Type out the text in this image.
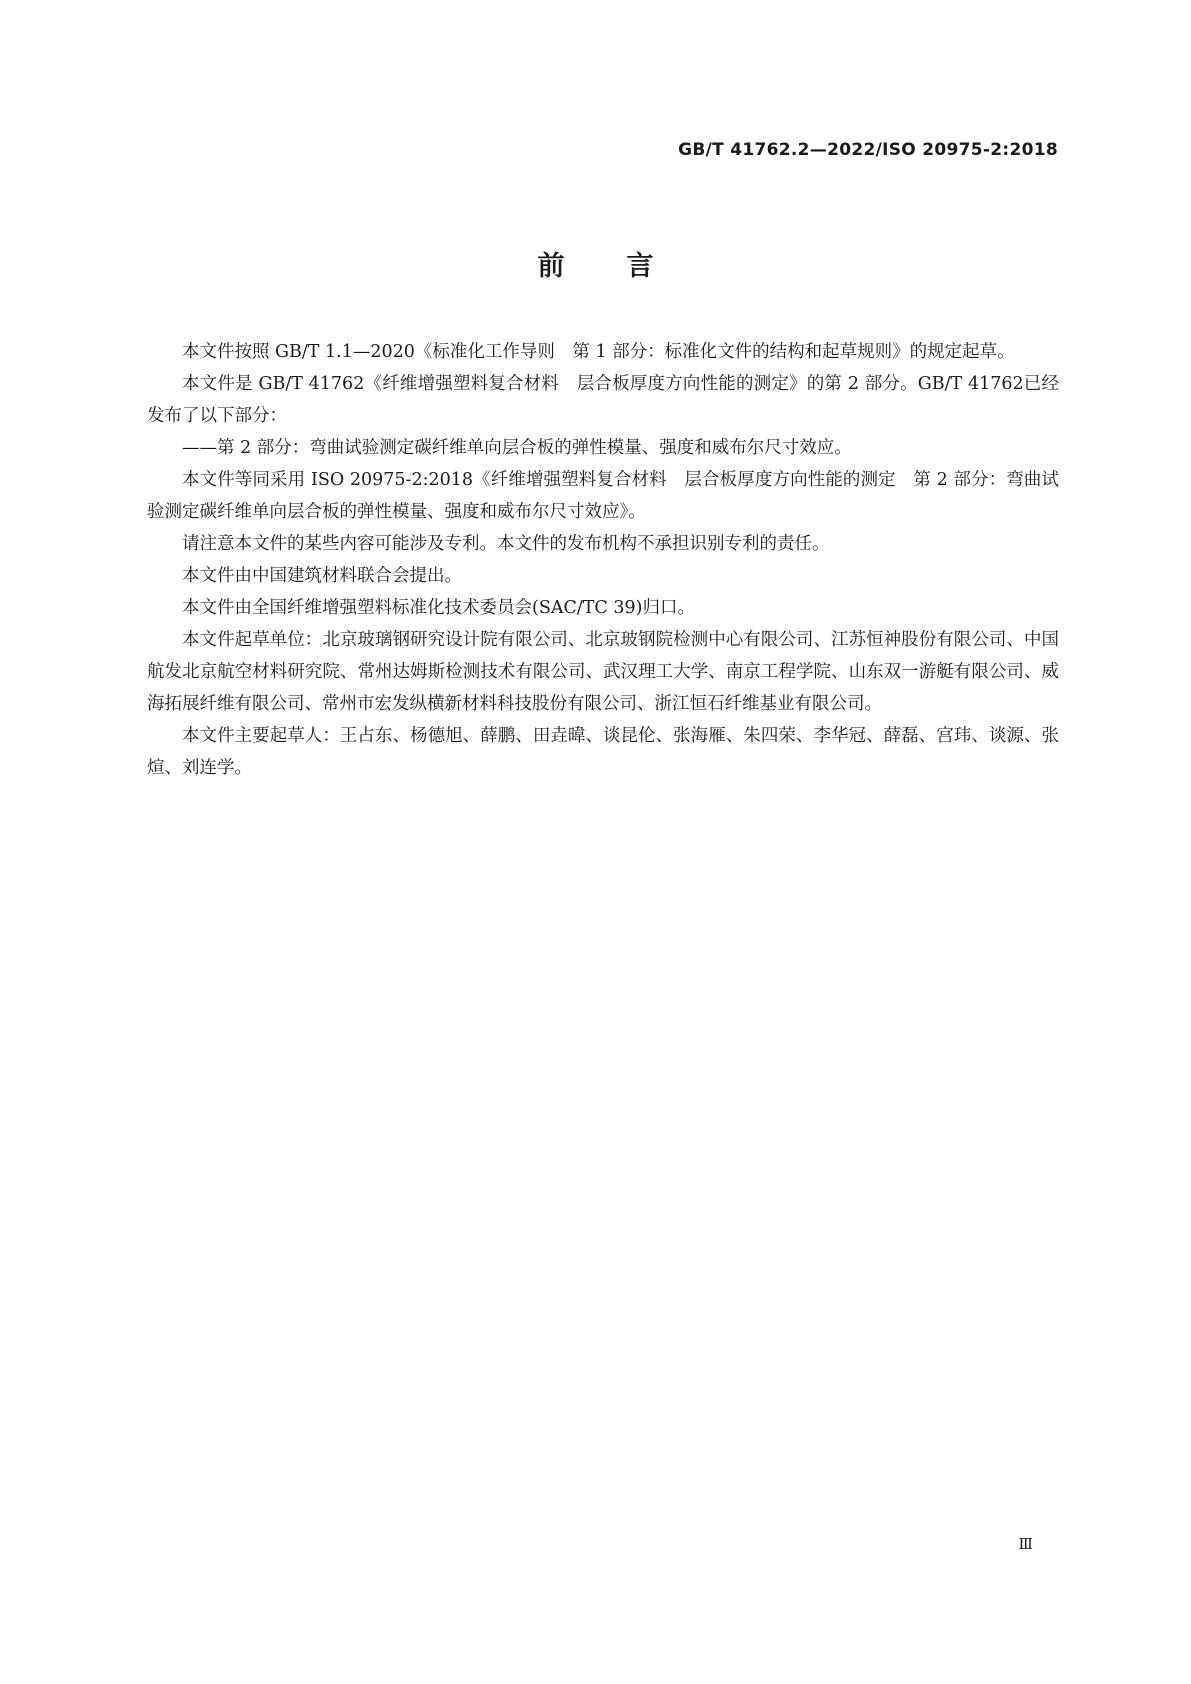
GB/T 41762.2—2022/ISO 20975-2:2018
前言

本文件按照 GB/T 1.1—2020《标准化工作导则　第 1 部分：标准化文件的结构和起草规则》的规定起草。

本文件是 GB/T 41762《纤维增强塑料复合材料　层合板厚度方向性能的测定》的第 2 部分。GB/T 41762已经发布了以下部分：

——第 2 部分：弯曲试验测定碳纤维单向层合板的弹性模量、强度和威布尔尺寸效应。

本文件等同采用 ISO 20975-2:2018《纤维增强塑料复合材料　层合板厚度方向性能的测定　第 2 部分：弯曲试验测定碳纤维单向层合板的弹性模量、强度和威布尔尺寸效应》。

请注意本文件的某些内容可能涉及专利。本文件的发布机构不承担识别专利的责任。

本文件由中国建筑材料联合会提出。

本文件由全国纤维增强塑料标准化技术委员会(SAC/TC 39)归口。

本文件起草单位：北京玻璃钢研究设计院有限公司、北京玻钢院检测中心有限公司、江苏恒神股份有限公司、中国航发北京航空材料研究院、常州达姆斯检测技术有限公司、武汉理工大学、南京工程学院、山东双一游艇有限公司、威海拓展纤维有限公司、常州市宏发纵横新材料科技股份有限公司、浙江恒石纤维基业有限公司。

本文件主要起草人：王占东、杨德旭、薛鹏、田垚暐、谈昆伦、张海雁、朱四荣、李华冠、薛磊、宫玮、谈源、张煊、刘连学。

Ⅲ
